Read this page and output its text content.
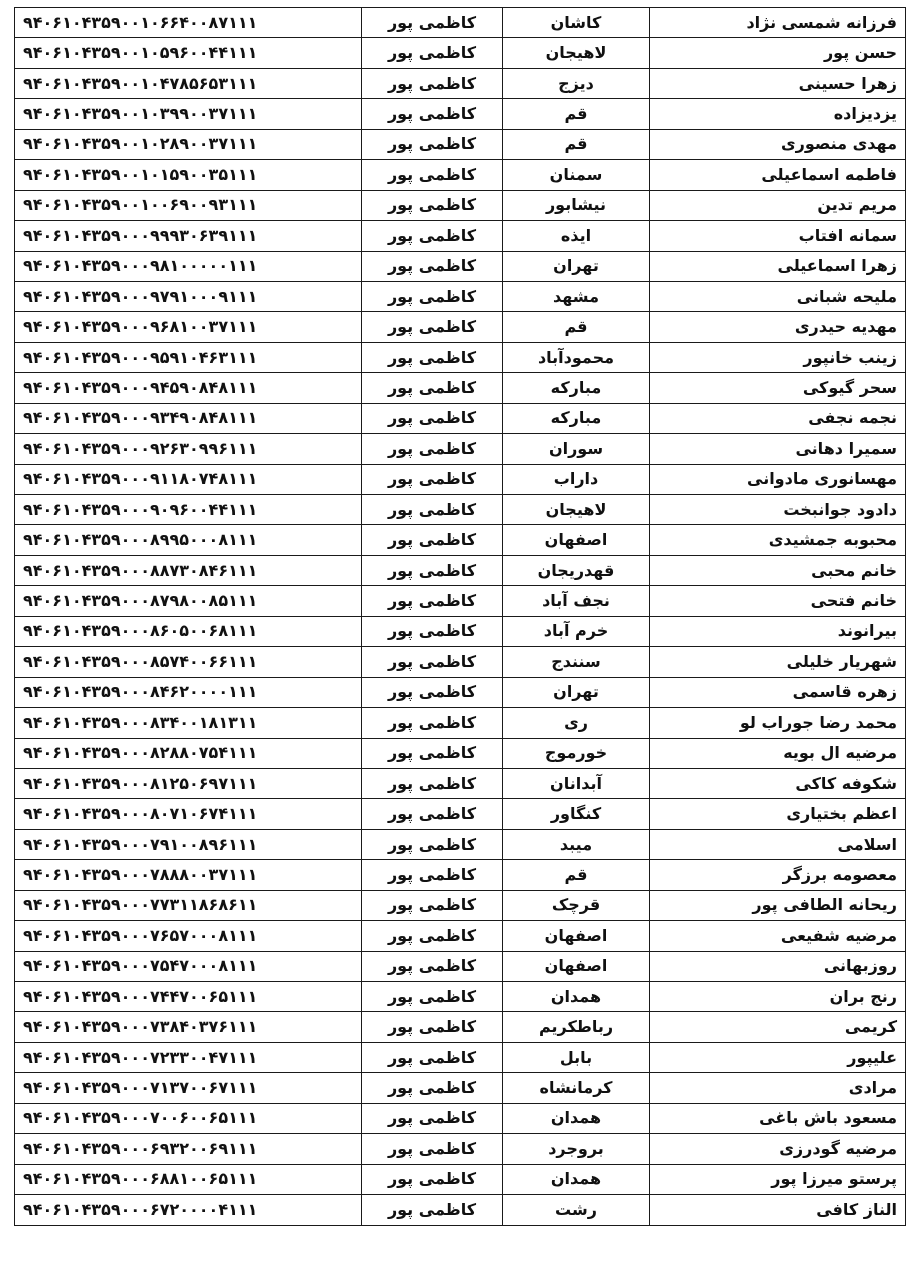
فرزانه شمسی نژاد	کاشان	کاظمی پور	۹۴۰۶۱۰۴۳۵۹۰۰۱۰۶۶۴۰۰۸۷۱۱۱
حسن پور	لاهیجان	کاظمی پور	۹۴۰۶۱۰۴۳۵۹۰۰۱۰۵۹۶۰۰۴۴۱۱۱
زهرا حسینی	دیزج	کاظمی پور	۹۴۰۶۱۰۴۳۵۹۰۰۱۰۴۷۸۵۶۵۳۱۱۱
یزدیزاده	قم	کاظمی پور	۹۴۰۶۱۰۴۳۵۹۰۰۱۰۳۹۹۰۰۳۷۱۱۱
مهدی منصوری	قم	کاظمی پور	۹۴۰۶۱۰۴۳۵۹۰۰۱۰۲۸۹۰۰۳۷۱۱۱
فاطمه اسماعیلی	سمنان	کاظمی پور	۹۴۰۶۱۰۴۳۵۹۰۰۱۰۱۵۹۰۰۳۵۱۱۱
مریم تدین	نیشابور	کاظمی پور	۹۴۰۶۱۰۴۳۵۹۰۰۱۰۰۶۹۰۰۹۳۱۱۱
سمانه افتاب	ایذه	کاظمی پور	۹۴۰۶۱۰۴۳۵۹۰۰۰۹۹۹۳۰۶۳۹۱۱۱
زهرا اسماعیلی	تهران	کاظمی پور	۹۴۰۶۱۰۴۳۵۹۰۰۰۹۸۱۰۰۰۰۰۱۱۱
ملیحه شبانی	مشهد	کاظمی پور	۹۴۰۶۱۰۴۳۵۹۰۰۰۹۷۹۱۰۰۰۹۱۱۱
مهدیه حیدری	قم	کاظمی پور	۹۴۰۶۱۰۴۳۵۹۰۰۰۹۶۸۱۰۰۳۷۱۱۱
زینب خانپور	محمودآباد	کاظمی پور	۹۴۰۶۱۰۴۳۵۹۰۰۰۹۵۹۱۰۴۶۳۱۱۱
سحر گیوکی	مبارکه	کاظمی پور	۹۴۰۶۱۰۴۳۵۹۰۰۰۹۴۵۹۰۸۴۸۱۱۱
نجمه نجفی	مبارکه	کاظمی پور	۹۴۰۶۱۰۴۳۵۹۰۰۰۹۳۴۹۰۸۴۸۱۱۱
سمیرا دهانی	سوران	کاظمی پور	۹۴۰۶۱۰۴۳۵۹۰۰۰۹۲۶۳۰۹۹۶۱۱۱
مهسانوری مادوانی	داراب	کاظمی پور	۹۴۰۶۱۰۴۳۵۹۰۰۰۹۱۱۸۰۷۴۸۱۱۱
دادود جوانبخت	لاهیجان	کاظمی پور	۹۴۰۶۱۰۴۳۵۹۰۰۰۹۰۹۶۰۰۴۴۱۱۱
محبوبه جمشیدی	اصفهان	کاظمی پور	۹۴۰۶۱۰۴۳۵۹۰۰۰۸۹۹۵۰۰۰۸۱۱۱
خانم محبی	قهدریجان	کاظمی پور	۹۴۰۶۱۰۴۳۵۹۰۰۰۸۸۷۳۰۸۴۶۱۱۱
خانم فتحی	نجف آباد	کاظمی پور	۹۴۰۶۱۰۴۳۵۹۰۰۰۸۷۹۸۰۰۸۵۱۱۱
بیرانوند	خرم آباد	کاظمی پور	۹۴۰۶۱۰۴۳۵۹۰۰۰۸۶۰۵۰۰۶۸۱۱۱
شهریار خلیلی	سنندج	کاظمی پور	۹۴۰۶۱۰۴۳۵۹۰۰۰۸۵۷۴۰۰۶۶۱۱۱
زهره قاسمی	تهران	کاظمی پور	۹۴۰۶۱۰۴۳۵۹۰۰۰۸۴۶۲۰۰۰۰۱۱۱
محمد رضا جوراب لو	ری	کاظمی پور	۹۴۰۶۱۰۴۳۵۹۰۰۰۸۳۴۰۰۱۸۱۳۱۱
مرضیه ال بویه	خورموج	کاظمی پور	۹۴۰۶۱۰۴۳۵۹۰۰۰۸۲۸۸۰۷۵۴۱۱۱
شکوفه کاکی	آبدانان	کاظمی پور	۹۴۰۶۱۰۴۳۵۹۰۰۰۸۱۲۵۰۶۹۷۱۱۱
اعظم بختیاری	کنگاور	کاظمی پور	۹۴۰۶۱۰۴۳۵۹۰۰۰۸۰۷۱۰۶۷۴۱۱۱
اسلامی	میبد	کاظمی پور	۹۴۰۶۱۰۴۳۵۹۰۰۰۷۹۱۰۰۸۹۶۱۱۱
معصومه برزگر	قم	کاظمی پور	۹۴۰۶۱۰۴۳۵۹۰۰۰۷۸۸۸۰۰۳۷۱۱۱
ریحانه الطافی پور	قرچک	کاظمی پور	۹۴۰۶۱۰۴۳۵۹۰۰۰۷۷۳۱۱۸۶۸۶۱۱
مرضیه شفیعی	اصفهان	کاظمی پور	۹۴۰۶۱۰۴۳۵۹۰۰۰۷۶۵۷۰۰۰۸۱۱۱
روزبهانی	اصفهان	کاظمی پور	۹۴۰۶۱۰۴۳۵۹۰۰۰۷۵۴۷۰۰۰۸۱۱۱
رنج بران	همدان	کاظمی پور	۹۴۰۶۱۰۴۳۵۹۰۰۰۷۴۴۷۰۰۶۵۱۱۱
کریمی	رباطکریم	کاظمی پور	۹۴۰۶۱۰۴۳۵۹۰۰۰۷۳۸۴۰۳۷۶۱۱۱
علیپور	بابل	کاظمی پور	۹۴۰۶۱۰۴۳۵۹۰۰۰۷۲۳۳۰۰۴۷۱۱۱
مرادی	کرمانشاه	کاظمی پور	۹۴۰۶۱۰۴۳۵۹۰۰۰۷۱۳۷۰۰۶۷۱۱۱
مسعود باش باغی	همدان	کاظمی پور	۹۴۰۶۱۰۴۳۵۹۰۰۰۷۰۰۶۰۰۶۵۱۱۱
مرضیه گودرزی	بروجرد	کاظمی پور	۹۴۰۶۱۰۴۳۵۹۰۰۰۶۹۳۲۰۰۶۹۱۱۱
پرستو میرزا پور	همدان	کاظمی پور	۹۴۰۶۱۰۴۳۵۹۰۰۰۶۸۸۱۰۰۶۵۱۱۱
الناز کافی	رشت	کاظمی پور	۹۴۰۶۱۰۴۳۵۹۰۰۰۶۷۲۰۰۰۰۴۱۱۱
